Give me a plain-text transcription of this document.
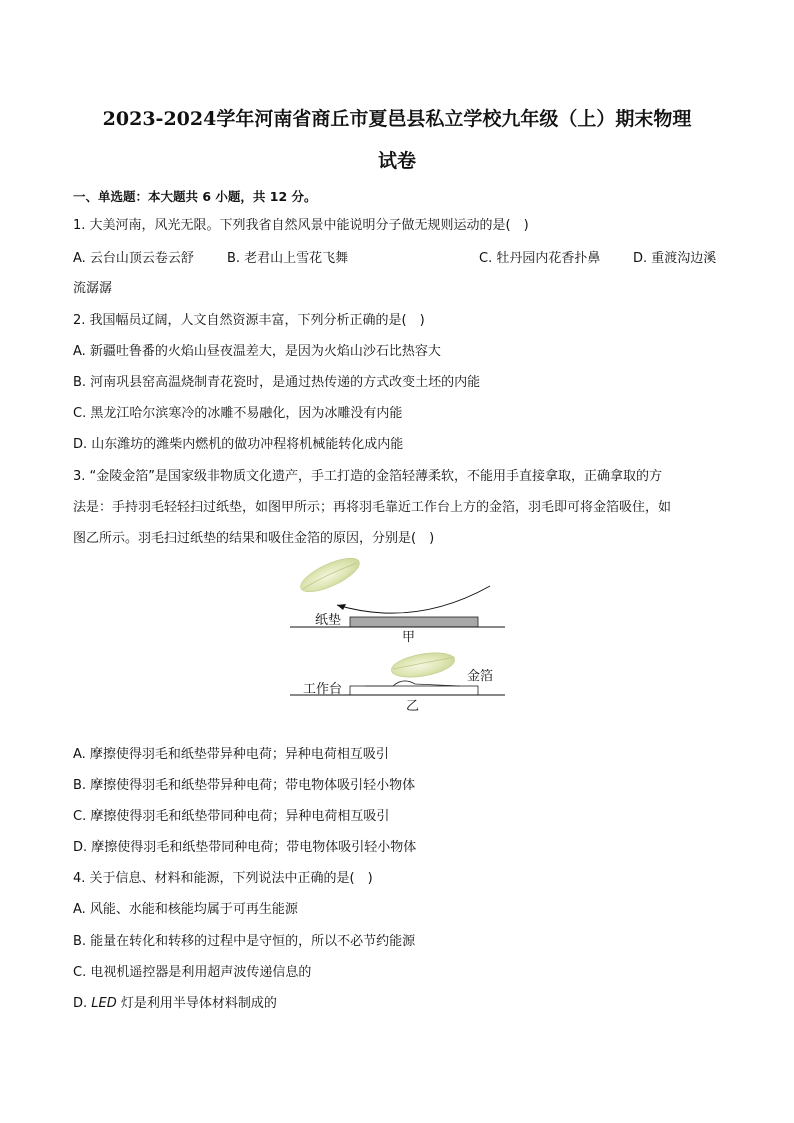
2023-2024学年河南省商丘市夏邑县私立学校九年级（上）期末物理
试卷
一、单选题：本大题共 6 小题，共 12 分。
1. 大美河南，风光无限。下列我省自然风景中能说明分子做无规则运动的是(　)
A. 云台山顶云卷云舒	B. 老君山上雪花飞舞	C. 牡丹园内花香扑鼻	D. 重渡沟边溪
流潺潺
2. 我国幅员辽阔，人文自然资源丰富，下列分析正确的是(　)
A. 新疆吐鲁番的火焰山昼夜温差大，是因为火焰山沙石比热容大
B. 河南巩县窑高温烧制青花瓷时，是通过热传递的方式改变土坯的内能
C. 黑龙江哈尔滨寒冷的冰雕不易融化，因为冰雕没有内能
D. 山东潍坊的潍柴内燃机的做功冲程将机械能转化成内能
3. “金陵金箔”是国家级非物质文化遗产，手工打造的金箔轻薄柔软，不能用手直接拿取，正确拿取的方
法是：手持羽毛轻轻扫过纸垫，如图甲所示；再将羽毛靠近工作台上方的金箔，羽毛即可将金箔吸住，如
图乙所示。羽毛扫过纸垫的结果和吸住金箔的原因，分别是(　)
纸垫
甲
金箔
工作台
乙
A. 摩擦使得羽毛和纸垫带异种电荷；异种电荷相互吸引
B. 摩擦使得羽毛和纸垫带异种电荷；带电物体吸引轻小物体
C. 摩擦使得羽毛和纸垫带同种电荷；异种电荷相互吸引
D. 摩擦使得羽毛和纸垫带同种电荷；带电物体吸引轻小物体
4. 关于信息、材料和能源，下列说法中正确的是(　)
A. 风能、水能和核能均属于可再生能源
B. 能量在转化和转移的过程中是守恒的，所以不必节约能源
C. 电视机遥控器是利用超声波传递信息的
D. LED 灯是利用半导体材料制成的
